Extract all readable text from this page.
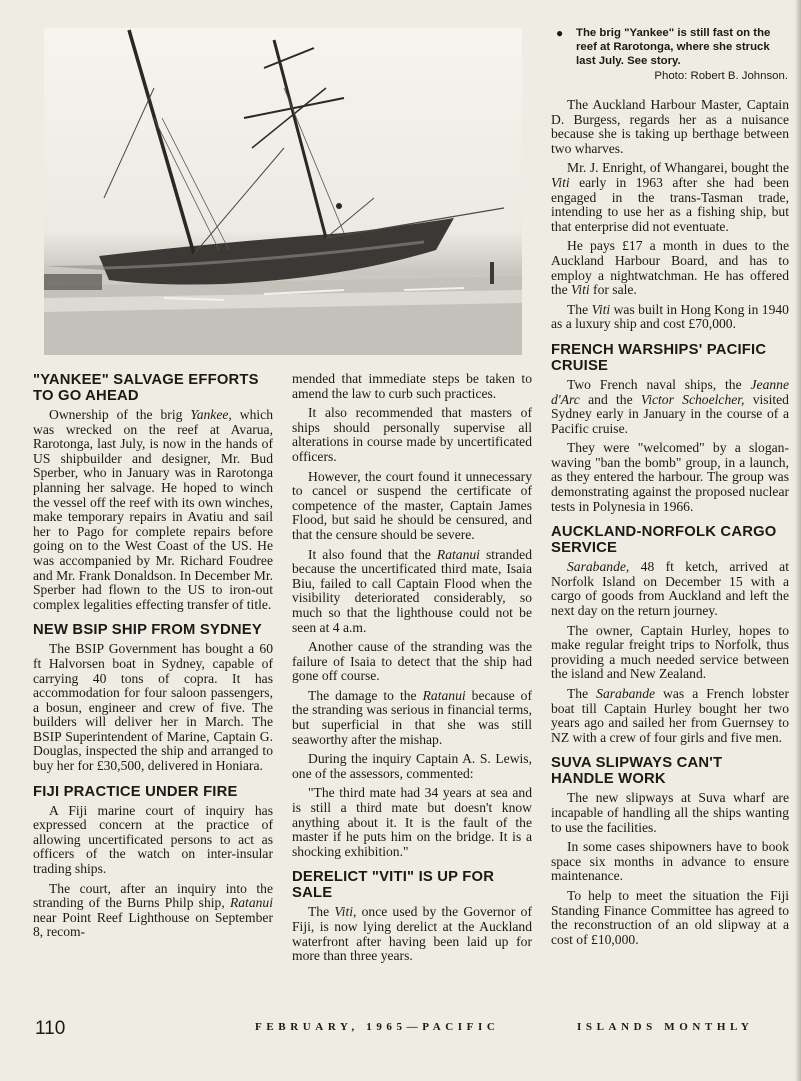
● The brig "Yankee" is still fast on the reef at Rarotonga, where she struck last July. See story.
Photo: Robert B. Johnson.
"YANKEE" SALVAGE EFFORTS TO GO AHEAD

Ownership of the brig Yankee, which was wrecked on the reef at Avarua, Rarotonga, last July, is now in the hands of US shipbuilder and designer, Mr. Bud Sperber, who in January was in Rarotonga planning her salvage. He hoped to winch the vessel off the reef with its own winches, make temporary repairs in Avatiu and sail her to Pago for complete repairs before going on to the West Coast of the US. He was accompanied by Mr. Richard Foudree and Mr. Frank Donaldson. In December Mr. Sperber had flown to the US to iron-out complex legalities effecting transfer of title.

NEW BSIP SHIP FROM SYDNEY

The BSIP Government has bought a 60 ft Halvorsen boat in Sydney, capable of carrying 40 tons of copra. It has accommodation for four saloon passengers, a bosun, engineer and crew of five. The builders will deliver her in March. The BSIP Superintendent of Marine, Captain G. Douglas, inspected the ship and arranged to buy her for £30,500, delivered in Honiara.

FIJI PRACTICE UNDER FIRE

A Fiji marine court of inquiry has expressed concern at the practice of allowing uncertificated persons to act as officers of the watch on inter-insular trading ships.

The court, after an inquiry into the stranding of the Burns Philp ship, Ratanui near Point Reef Lighthouse on September 8, recom-

mended that immediate steps be taken to amend the law to curb such practices.

It also recommended that masters of ships should personally supervise all alterations in course made by uncertificated officers.

However, the court found it unnecessary to cancel or suspend the certificate of competence of the master, Captain James Flood, but said he should be censured, and that the censure should be severe.

It also found that the Ratanui stranded because the uncertificated third mate, Isaia Biu, failed to call Captain Flood when the visibility deteriorated considerably, so much so that the lighthouse could not be seen at 4 a.m.

Another cause of the stranding was the failure of Isaia to detect that the ship had gone off course.

The damage to the Ratanui because of the stranding was serious in financial terms, but superficial in that she was still seaworthy after the mishap.

During the inquiry Captain A. S. Lewis, one of the assessors, commented:

"The third mate had 34 years at sea and is still a third mate but doesn't know anything about it. It is the fault of the master if he puts him on the bridge. It is a shocking exhibition."

DERELICT "VITI" IS UP FOR SALE

The Viti, once used by the Governor of Fiji, is now lying derelict at the Auckland waterfront after having been laid up for more than three years.

The Auckland Harbour Master, Captain D. Burgess, regards her as a nuisance because she is taking up berthage between two wharves.

Mr. J. Enright, of Whangarei, bought the Viti early in 1963 after she had been engaged in the trans-Tasman trade, intending to use her as a fishing ship, but that enterprise did not eventuate.

He pays £17 a month in dues to the Auckland Harbour Board, and has to employ a nightwatchman. He has offered the Viti for sale.

The Viti was built in Hong Kong in 1940 as a luxury ship and cost £70,000.

FRENCH WARSHIPS' PACIFIC CRUISE

Two French naval ships, the Jeanne d'Arc and the Victor Schoelcher, visited Sydney early in January in the course of a Pacific cruise.

They were "welcomed" by a slogan-waving "ban the bomb" group, in a launch, as they entered the harbour. The group was demonstrating against the proposed nuclear tests in Polynesia in 1966.

AUCKLAND-NORFOLK CARGO SERVICE

Sarabande, 48 ft ketch, arrived at Norfolk Island on December 15 with a cargo of goods from Auckland and left the next day on the return journey.

The owner, Captain Hurley, hopes to make regular freight trips to Norfolk, thus providing a much needed service between the island and New Zealand.

The Sarabande was a French lobster boat till Captain Hurley bought her two years ago and sailed her from Guernsey to NZ with a crew of four girls and five men.

SUVA SLIPWAYS CAN'T HANDLE WORK

The new slipways at Suva wharf are incapable of handling all the ships wanting to use the facilities.

In some cases shipowners have to book space six months in advance to ensure maintenance.

To help to meet the situation the Fiji Standing Finance Committee has agreed to the reconstruction of an old slipway at a cost of £10,000.

110	FEBRUARY, 1965—PACIFIC	ISLANDS MONTHLY
